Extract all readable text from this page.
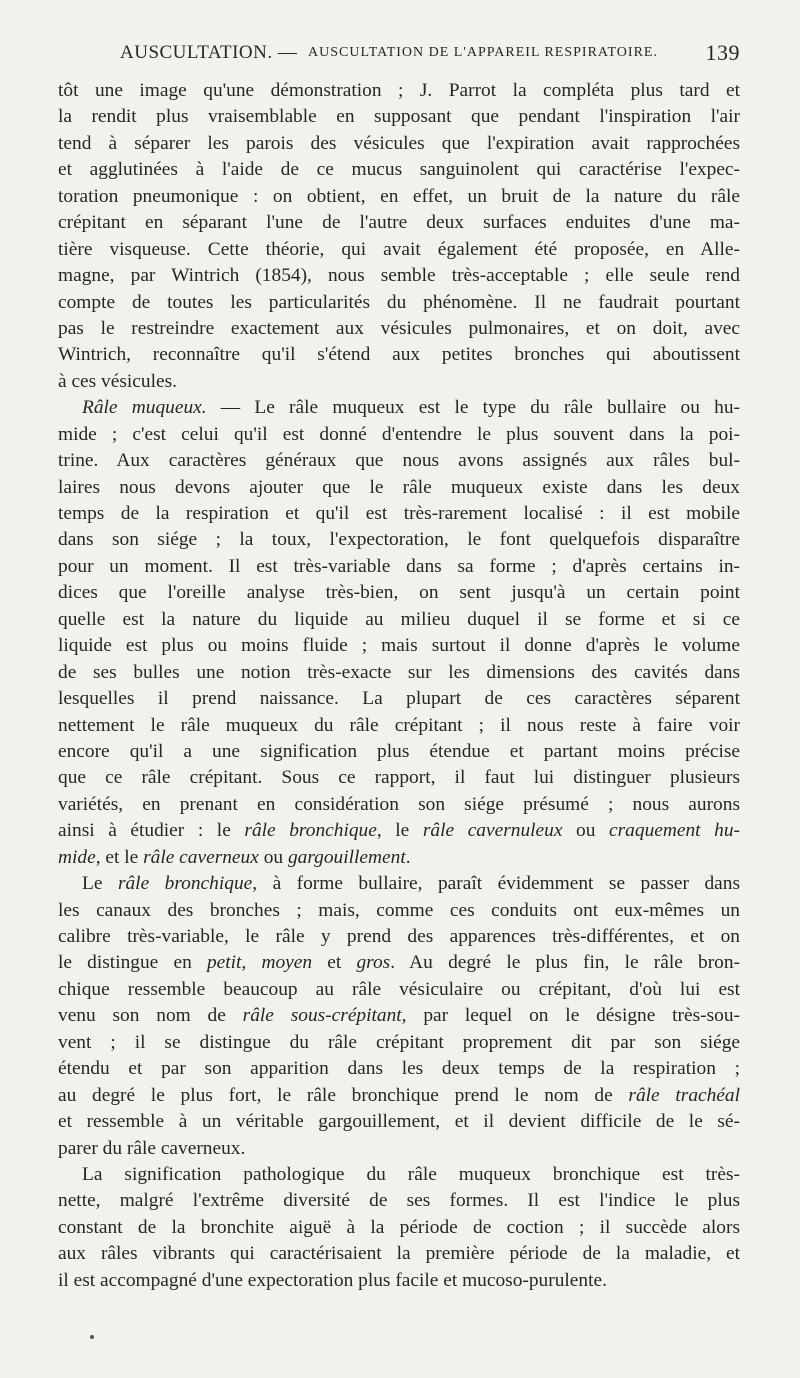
AUSCULTATION. — AUSCULTATION DE L'APPAREIL RESPIRATOIRE. 139
tôt une image qu'une démonstration ; J. Parrot la compléta plus tard et
la rendit plus vraisemblable en supposant que pendant l'inspiration l'air
tend à séparer les parois des vésicules que l'expiration avait rapprochées
et agglutinées à l'aide de ce mucus sanguinolent qui caractérise l'expec-
toration pneumonique : on obtient, en effet, un bruit de la nature du râle
crépitant en séparant l'une de l'autre deux surfaces enduites d'une ma-
tière visqueuse. Cette théorie, qui avait également été proposée, en Alle-
magne, par Wintrich (1854), nous semble très-acceptable ; elle seule rend
compte de toutes les particularités du phénomène. Il ne faudrait pourtant
pas le restreindre exactement aux vésicules pulmonaires, et on doit, avec
Wintrich, reconnaître qu'il s'étend aux petites bronches qui aboutissent
à ces vésicules.
Râle muqueux. — Le râle muqueux est le type du râle bullaire ou hu-
mide ; c'est celui qu'il est donné d'entendre le plus souvent dans la poi-
trine. Aux caractères généraux que nous avons assignés aux râles bul-
laires nous devons ajouter que le râle muqueux existe dans les deux
temps de la respiration et qu'il est très-rarement localisé : il est mobile
dans son siége ; la toux, l'expectoration, le font quelquefois disparaître
pour un moment. Il est très-variable dans sa forme ; d'après certains in-
dices que l'oreille analyse très-bien, on sent jusqu'à un certain point
quelle est la nature du liquide au milieu duquel il se forme et si ce
liquide est plus ou moins fluide ; mais surtout il donne d'après le volume
de ses bulles une notion très-exacte sur les dimensions des cavités dans
lesquelles il prend naissance. La plupart de ces caractères séparent
nettement le râle muqueux du râle crépitant ; il nous reste à faire voir
encore qu'il a une signification plus étendue et partant moins précise
que ce râle crépitant. Sous ce rapport, il faut lui distinguer plusieurs
variétés, en prenant en considération son siége présumé ; nous aurons
ainsi à étudier : le râle bronchique, le râle cavernuleux ou craquement hu-
mide, et le râle caverneux ou gargouillement.
Le râle bronchique, à forme bullaire, paraît évidemment se passer dans
les canaux des bronches ; mais, comme ces conduits ont eux-mêmes un
calibre très-variable, le râle y prend des apparences très-différentes, et on
le distingue en petit, moyen et gros. Au degré le plus fin, le râle bron-
chique ressemble beaucoup au râle vésiculaire ou crépitant, d'où lui est
venu son nom de râle sous-crépitant, par lequel on le désigne très-sou-
vent ; il se distingue du râle crépitant proprement dit par son siége
étendu et par son apparition dans les deux temps de la respiration ;
au degré le plus fort, le râle bronchique prend le nom de râle trachéal
et ressemble à un véritable gargouillement, et il devient difficile de le sé-
parer du râle caverneux.
La signification pathologique du râle muqueux bronchique est très-
nette, malgré l'extrême diversité de ses formes. Il est l'indice le plus
constant de la bronchite aiguë à la période de coction ; il succède alors
aux râles vibrants qui caractérisaient la première période de la maladie, et
il est accompagné d'une expectoration plus facile et mucoso-purulente.
